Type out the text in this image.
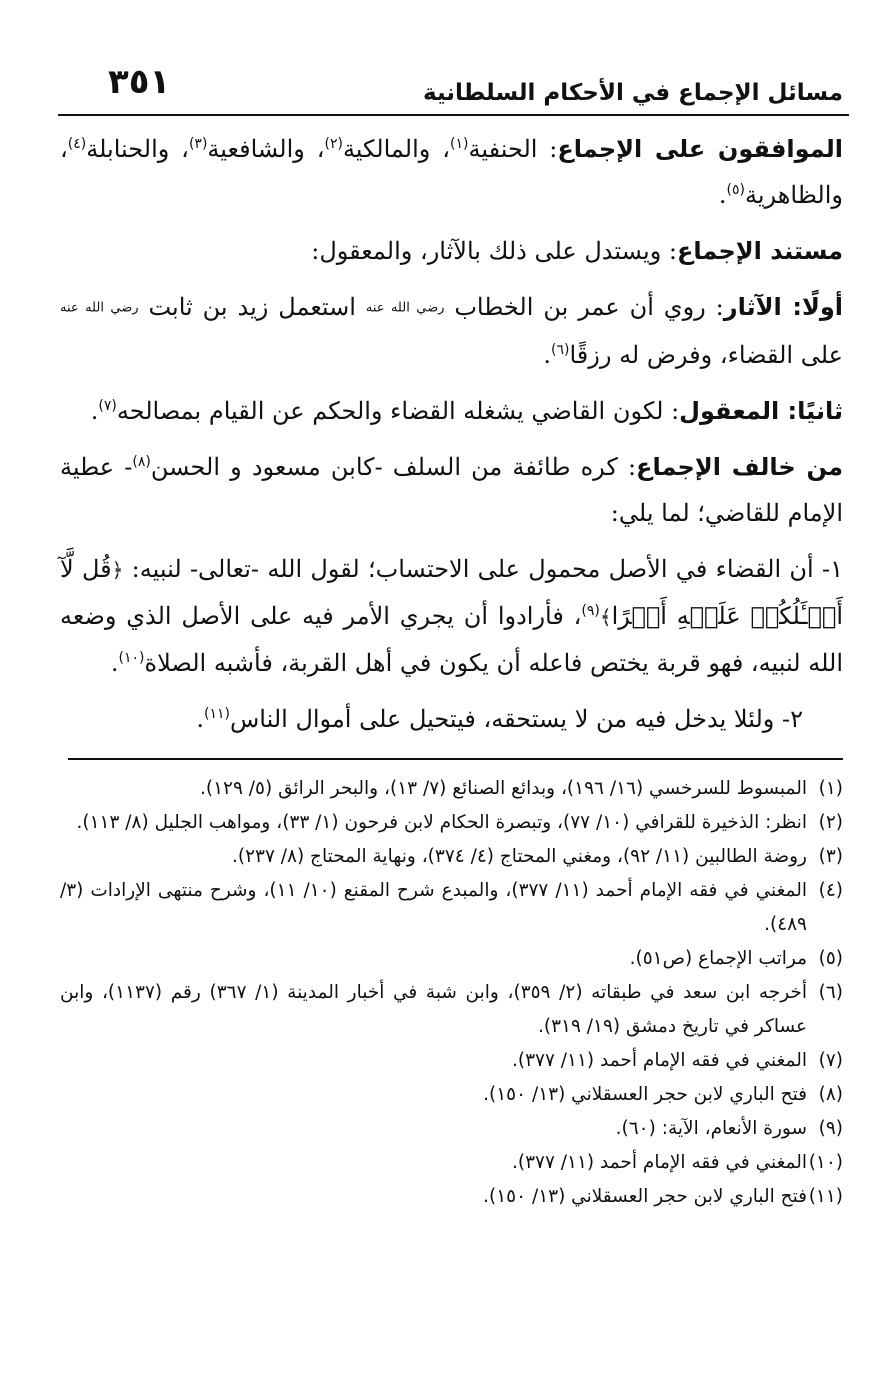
٣٥١	مسائل الإجماع في الأحكام السلطانية

الموافقون على الإجماع: الحنفية$^{(١)}$، والمالكية$^{(٢)}$، والشافعية$^{(٣)}$، والحنابلة$^{(٤)}$، والظاهرية$^{(٥)}$.

مستند الإجماع: ويستدل على ذلك بالآثار، والمعقول:

أولًا: الآثار: روي أن عمر بن الخطاب رضي الله عنه استعمل زيد بن ثابت رضي الله عنه على القضاء، وفرض له رزقًا$^{(٦)}$.

ثانيًا: المعقول: لكون القاضي يشغله القضاء والحكم عن القيام بمصالحه$^{(٧)}$.

من خالف الإجماع: كره طائفة من السلف -كابن مسعود و الحسن$^{(٨)}$- عطية الإمام للقاضي؛ لما يلي:

١- أن القضاء في الأصل محمول على الاحتساب؛ لقول الله -تعالى- لنبيه: ﴿قُل لَّآ أَسۡـَٔلُكُمۡ عَلَيۡهِ أَجۡرًا﴾$^{(٩)}$، فأرادوا أن يجري الأمر فيه على الأصل الذي وضعه الله لنبيه، فهو قربة يختص فاعله أن يكون في أهل القربة، فأشبه الصلاة$^{(١٠)}$.

٢- ولئلا يدخل فيه من لا يستحقه، فيتحيل على أموال الناس$^{(١١)}$.

(١)
المبسوط للسرخسي (١٦/ ١٩٦)، وبدائع الصنائع (٧/ ١٣)، والبحر الرائق (٥/ ١٢٩).

(٢)
انظر: الذخيرة للقرافي (١٠/ ٧٧)، وتبصرة الحكام لابن فرحون (١/ ٣٣)، ومواهب الجليل (٨/ ١١٣).

(٣)
روضة الطالبين (١١/ ٩٢)، ومغني المحتاج (٤/ ٣٧٤)، ونهاية المحتاج (٨/ ٢٣٧).

(٤)
المغني في فقه الإمام أحمد (١١/ ٣٧٧)، والمبدع شرح المقنع (١٠/ ١١)، وشرح منتهى الإرادات (٣/ ٤٨٩).

(٥)
مراتب الإجماع (ص٥١).

(٦)
أخرجه ابن سعد في طبقاته (٢/ ٣٥٩)، وابن شبة في أخبار المدينة (١/ ٣٦٧) رقم (١١٣٧)، وابن عساكر في تاريخ دمشق (١٩/ ٣١٩).

(٧)
المغني في فقه الإمام أحمد (١١/ ٣٧٧).

(٨)
فتح الباري لابن حجر العسقلاني (١٣/ ١٥٠).

(٩)
سورة الأنعام، الآية: (٦٠).

(١٠)
المغني في فقه الإمام أحمد (١١/ ٣٧٧).

(١١)
فتح الباري لابن حجر العسقلاني (١٣/ ١٥٠).
